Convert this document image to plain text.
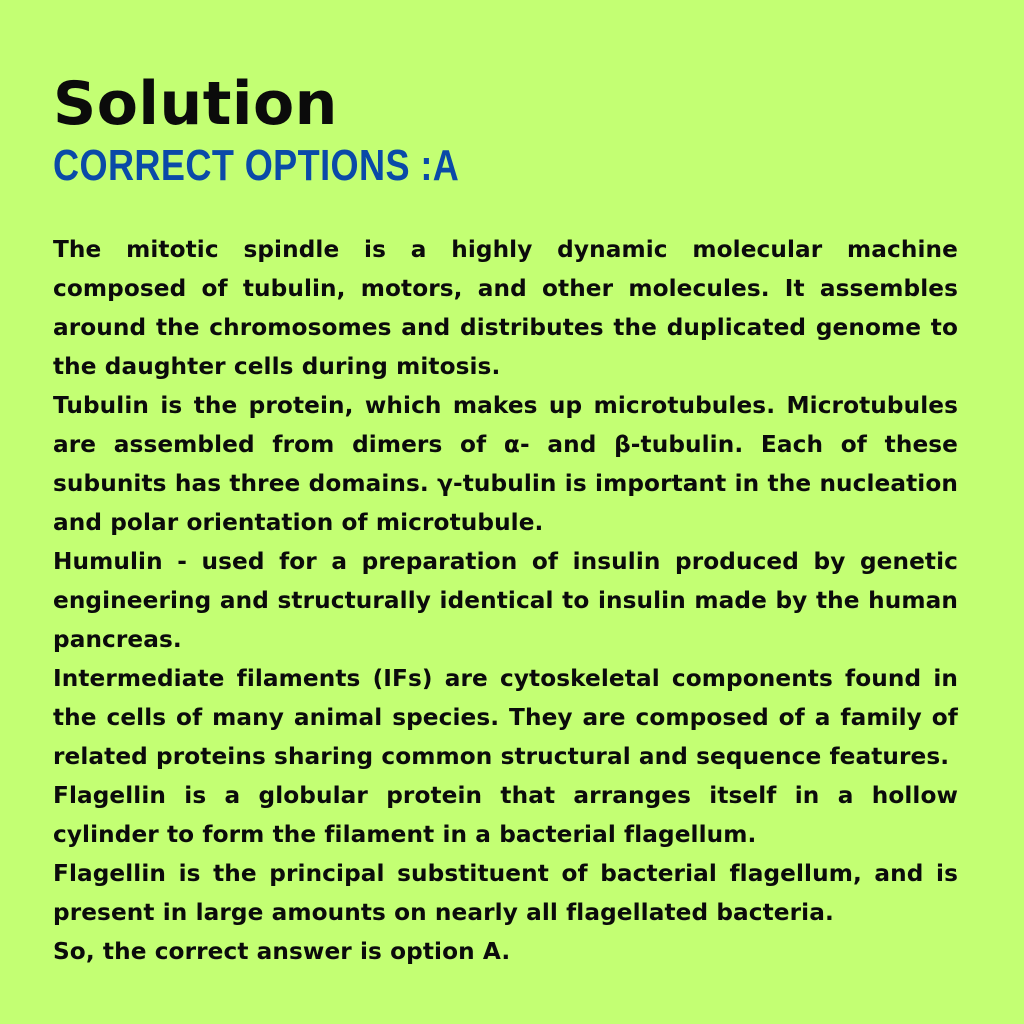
Solution
CORRECT OPTIONS :A

The mitotic spindle is a highly dynamic molecular machine composed of tubulin, motors, and other molecules. It assembles around the chromosomes and distributes the duplicated genome to the daughter cells during mitosis.

Tubulin is the protein, which makes up microtubules. Microtubules are assembled from dimers of α- and β-tubulin. Each of these subunits has three domains. γ-tubulin is important in the nucleation and polar orientation of microtubule.

Humulin - used for a preparation of insulin produced by genetic engineering and structurally identical to insulin made by the human pancreas.

Intermediate filaments (IFs) are cytoskeletal components found in the cells of many animal species. They are composed of a family of related proteins sharing common structural and sequence features.

Flagellin is a globular protein that arranges itself in a hollow cylinder to form the filament in a bacterial flagellum.

Flagellin is the principal substituent of bacterial flagellum, and is present in large amounts on nearly all flagellated bacteria.

So, the correct answer is option A.
